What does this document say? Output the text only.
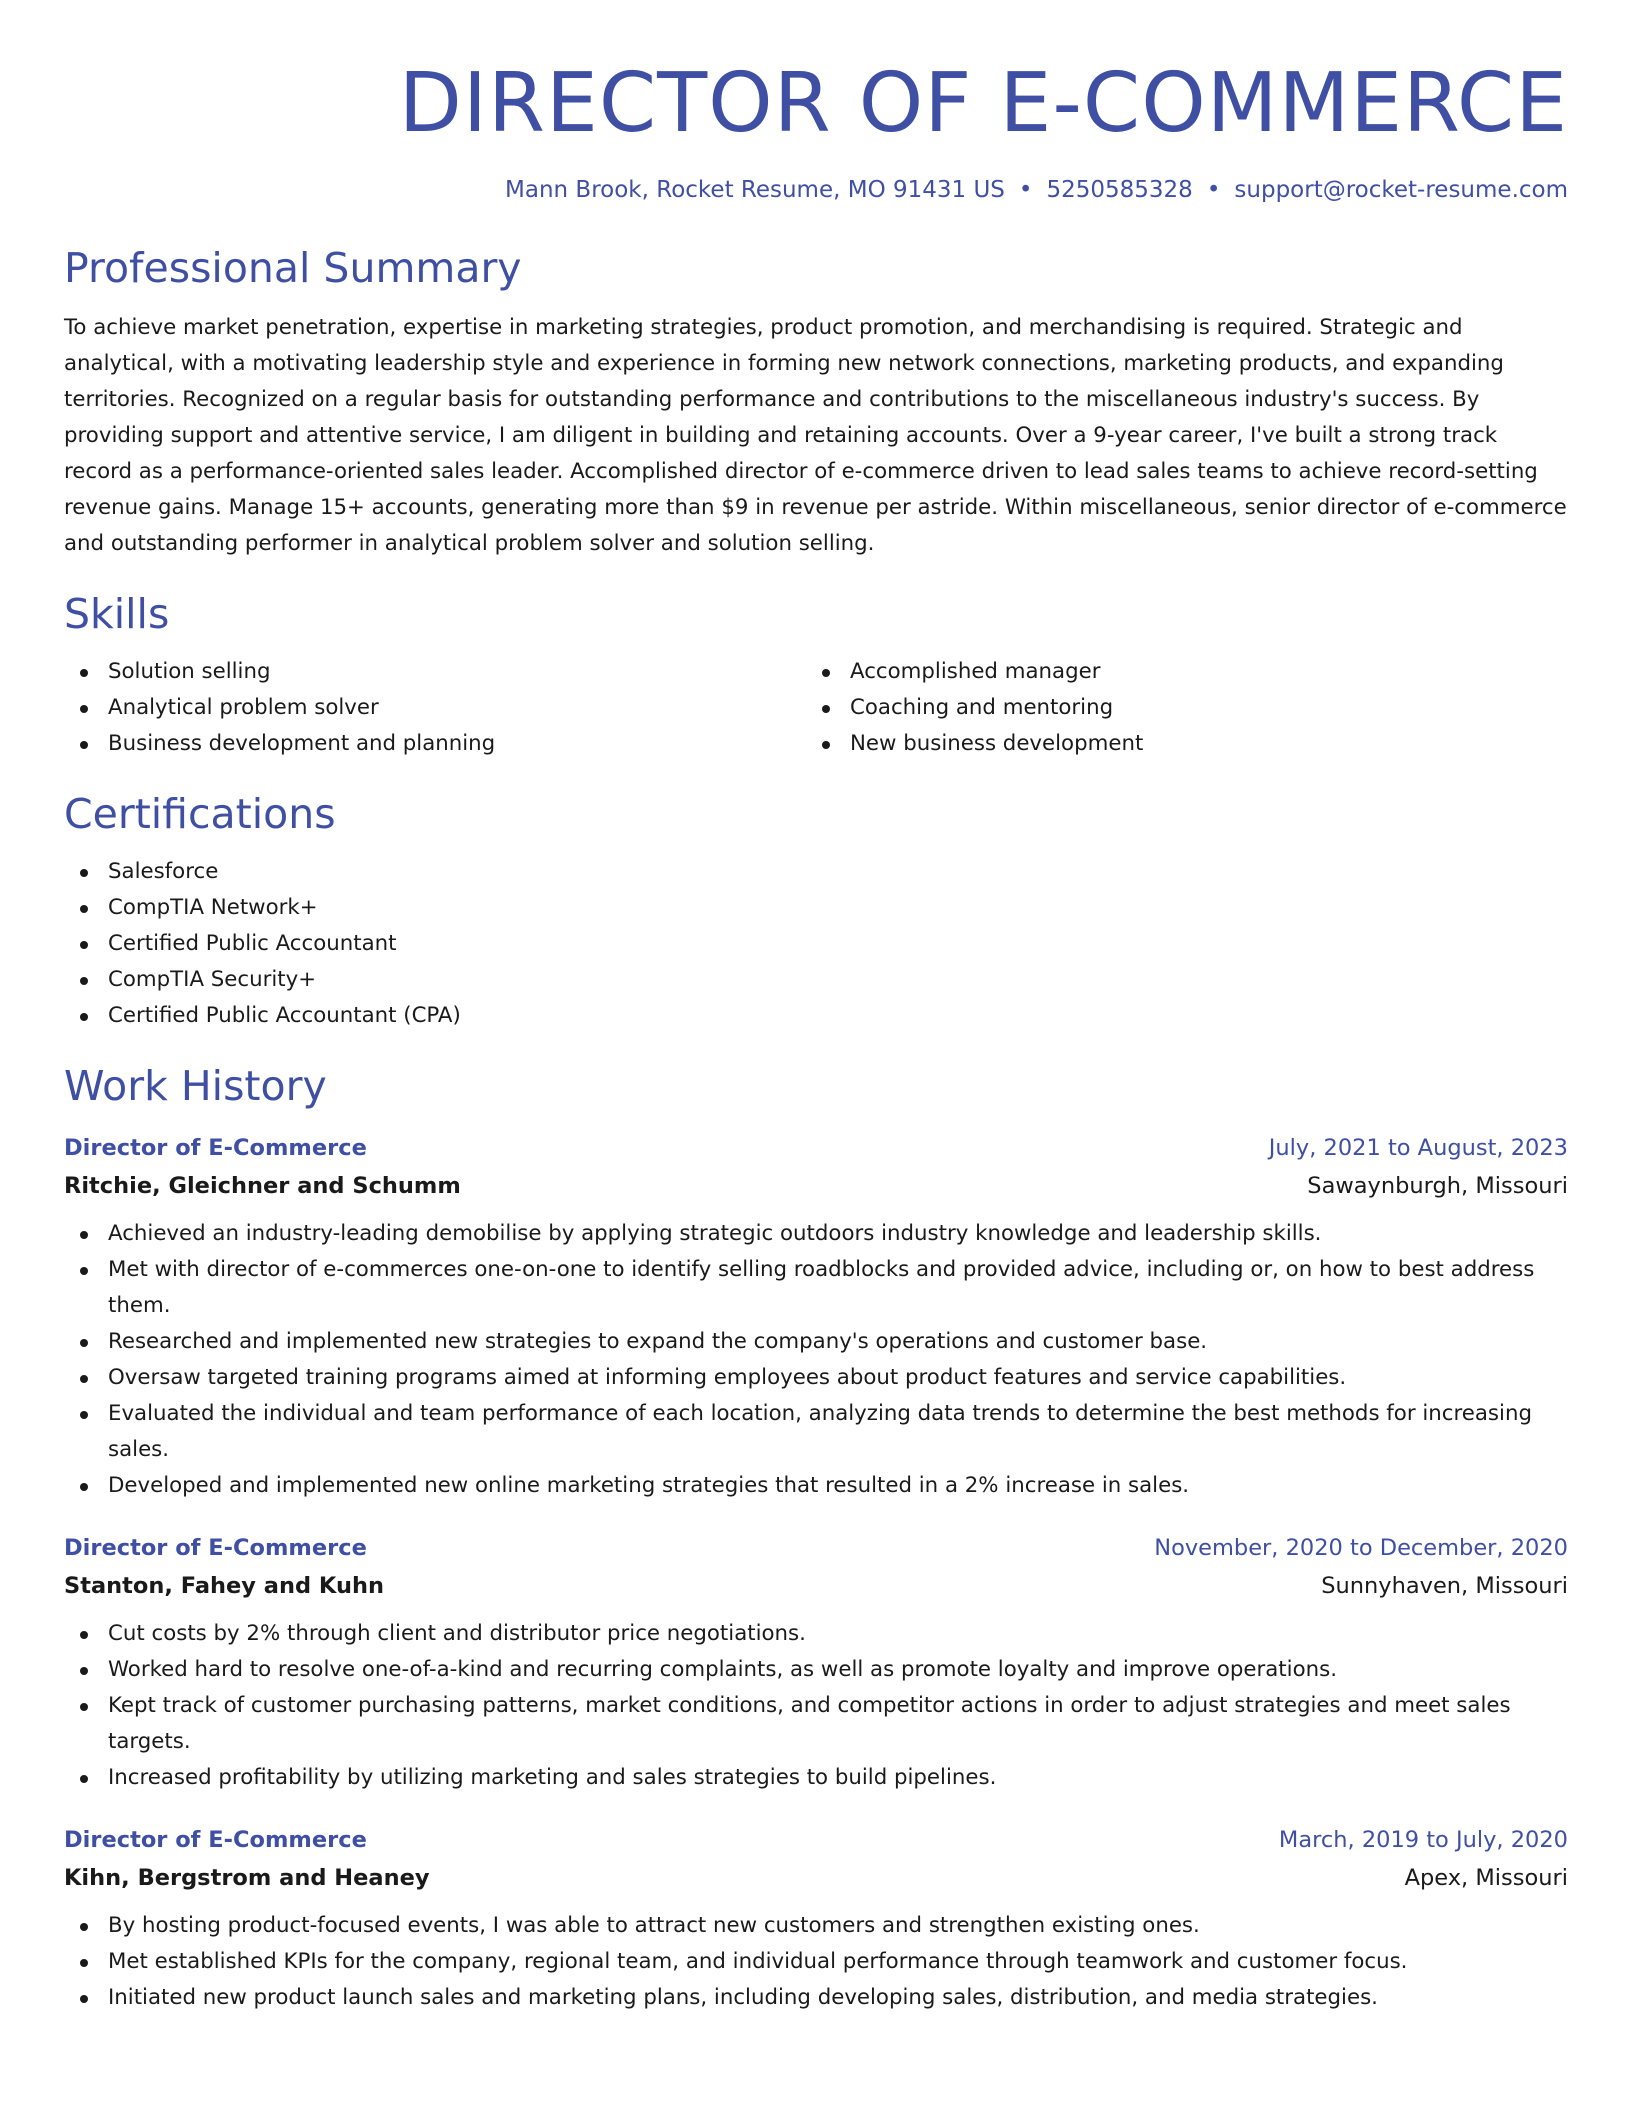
DIRECTOR OF E-COMMERCE
Mann Brook, Rocket Resume, MO 91431 US • 5250585328 • support@rocket-resume.com
Professional Summary

To achieve market penetration, expertise in marketing strategies, product promotion, and merchandising is required. Strategic and analytical, with a motivating leadership style and experience in forming new network connections, marketing products, and expanding territories. Recognized on a regular basis for outstanding performance and contributions to the miscellaneous industry's success. By providing support and attentive service, I am diligent in building and retaining accounts. Over a 9-year career, I've built a strong track record as a performance-oriented sales leader. Accomplished director of e-commerce driven to lead sales teams to achieve record-setting revenue gains. Manage 15+ accounts, generating more than $9 in revenue per astride. Within miscellaneous, senior director of e-commerce and outstanding performer in analytical problem solver and solution selling.

Skills
Solution selling
Analytical problem solver
Business development and planning
Accomplished manager
Coaching and mentoring
New business development
Certifications
Salesforce
CompTIA Network+
Certified Public Accountant
CompTIA Security+
Certified Public Accountant (CPA)
Work History
Director of E-Commerce	July, 2021 to August, 2023
Ritchie, Gleichner and Schumm	Sawaynburgh, Missouri
Achieved an industry-leading demobilise by applying strategic outdoors industry knowledge and leadership skills.
Met with director of e-commerces one-on-one to identify selling roadblocks and provided advice, including or, on how to best address them.
Researched and implemented new strategies to expand the company's operations and customer base.
Oversaw targeted training programs aimed at informing employees about product features and service capabilities.
Evaluated the individual and team performance of each location, analyzing data trends to determine the best methods for increasing sales.
Developed and implemented new online marketing strategies that resulted in a 2% increase in sales.
Director of E-Commerce	November, 2020 to December, 2020
Stanton, Fahey and Kuhn	Sunnyhaven, Missouri
Cut costs by 2% through client and distributor price negotiations.
Worked hard to resolve one-of-a-kind and recurring complaints, as well as promote loyalty and improve operations.
Kept track of customer purchasing patterns, market conditions, and competitor actions in order to adjust strategies and meet sales targets.
Increased profitability by utilizing marketing and sales strategies to build pipelines.
Director of E-Commerce	March, 2019 to July, 2020
Kihn, Bergstrom and Heaney	Apex, Missouri
By hosting product-focused events, I was able to attract new customers and strengthen existing ones.
Met established KPIs for the company, regional team, and individual performance through teamwork and customer focus.
Initiated new product launch sales and marketing plans, including developing sales, distribution, and media strategies.
